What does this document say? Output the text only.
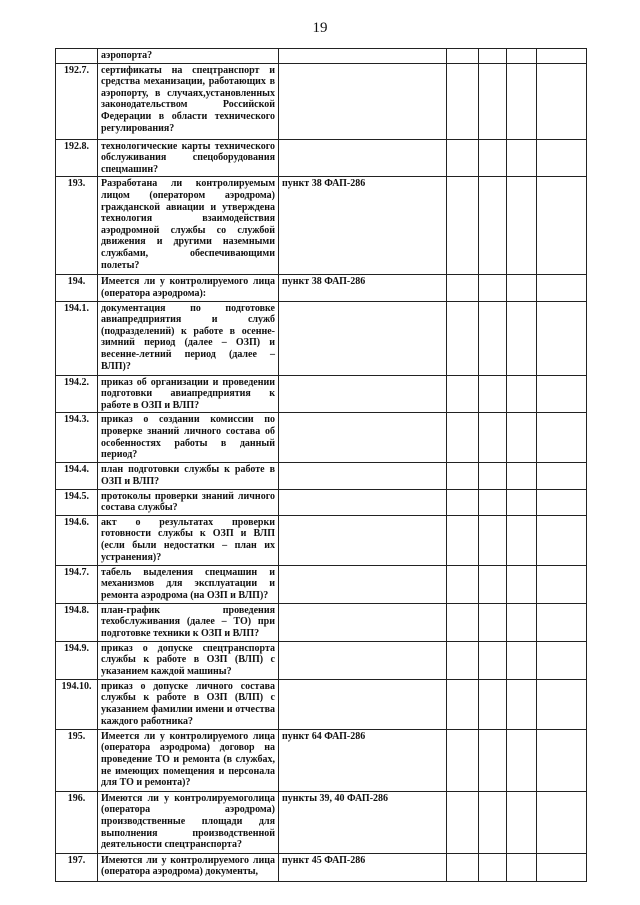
19
	аэропорта?					
192.7.	сертификаты на спецтранспорт и средства механизации, работающих в аэропорту, в случаях,установленных законодательством Российской Федерации в области технического регулирования?					
192.8.	технологические карты технического обслуживания спецоборудования спецмашин?					
193.	Разработана ли контролируемым лицом (оператором аэродрома) гражданской авиации и утверждена технология взаимодействия аэродромной службы со службой движения и другими наземными службами, обеспечивающими полеты?	пункт 38 ФАП-286				
194.	Имеется ли у контролируемого лица (оператора аэродрома):	пункт 38 ФАП-286				
194.1.	документация по подготовке авиапредприятия и служб (подразделений) к работе в осенне-зимний период (далее – ОЗП) и весенне-летний период (далее – ВЛП)?					
194.2.	приказ об организации и проведении подготовки авиапредприятия к работе в ОЗП и ВЛП?					
194.3.	приказ о создании комиссии по проверке знаний личного состава об особенностях работы в данный период?					
194.4.	план подготовки службы к работе в ОЗП и ВЛП?					
194.5.	протоколы проверки знаний личного состава службы?					
194.6.	акт о результатах проверки готовности службы к ОЗП и ВЛП (если были недостатки – план их устранения)?					
194.7.	табель выделения спецмашин и механизмов для эксплуатации и ремонта аэродрома (на ОЗП и ВЛП)?					
194.8.	план-график проведения техобслуживания (далее – ТО) при подготовке техники к ОЗП и ВЛП?					
194.9.	приказ о допуске спецтранспорта службы к работе в ОЗП (ВЛП) с указанием каждой машины?					
194.10.	приказ о допуске личного состава службы к работе в ОЗП (ВЛП) с указанием фамилии имени и отчества каждого работника?					
195.	Имеется ли у контролируемого лица (оператора аэродрома) договор на проведение ТО и ремонта (в службах, не имеющих помещения и персонала для ТО и ремонта)?	пункт 64 ФАП-286				
196.	Имеются ли у контролируемоголица (оператора аэродрома) производственные площади для выполнения производственной деятельности спецтранспорта?	пункты 39, 40 ФАП-286				
197.	Имеются ли у контролируемого лица (оператора аэродрома) документы,	пункт 45 ФАП-286				
